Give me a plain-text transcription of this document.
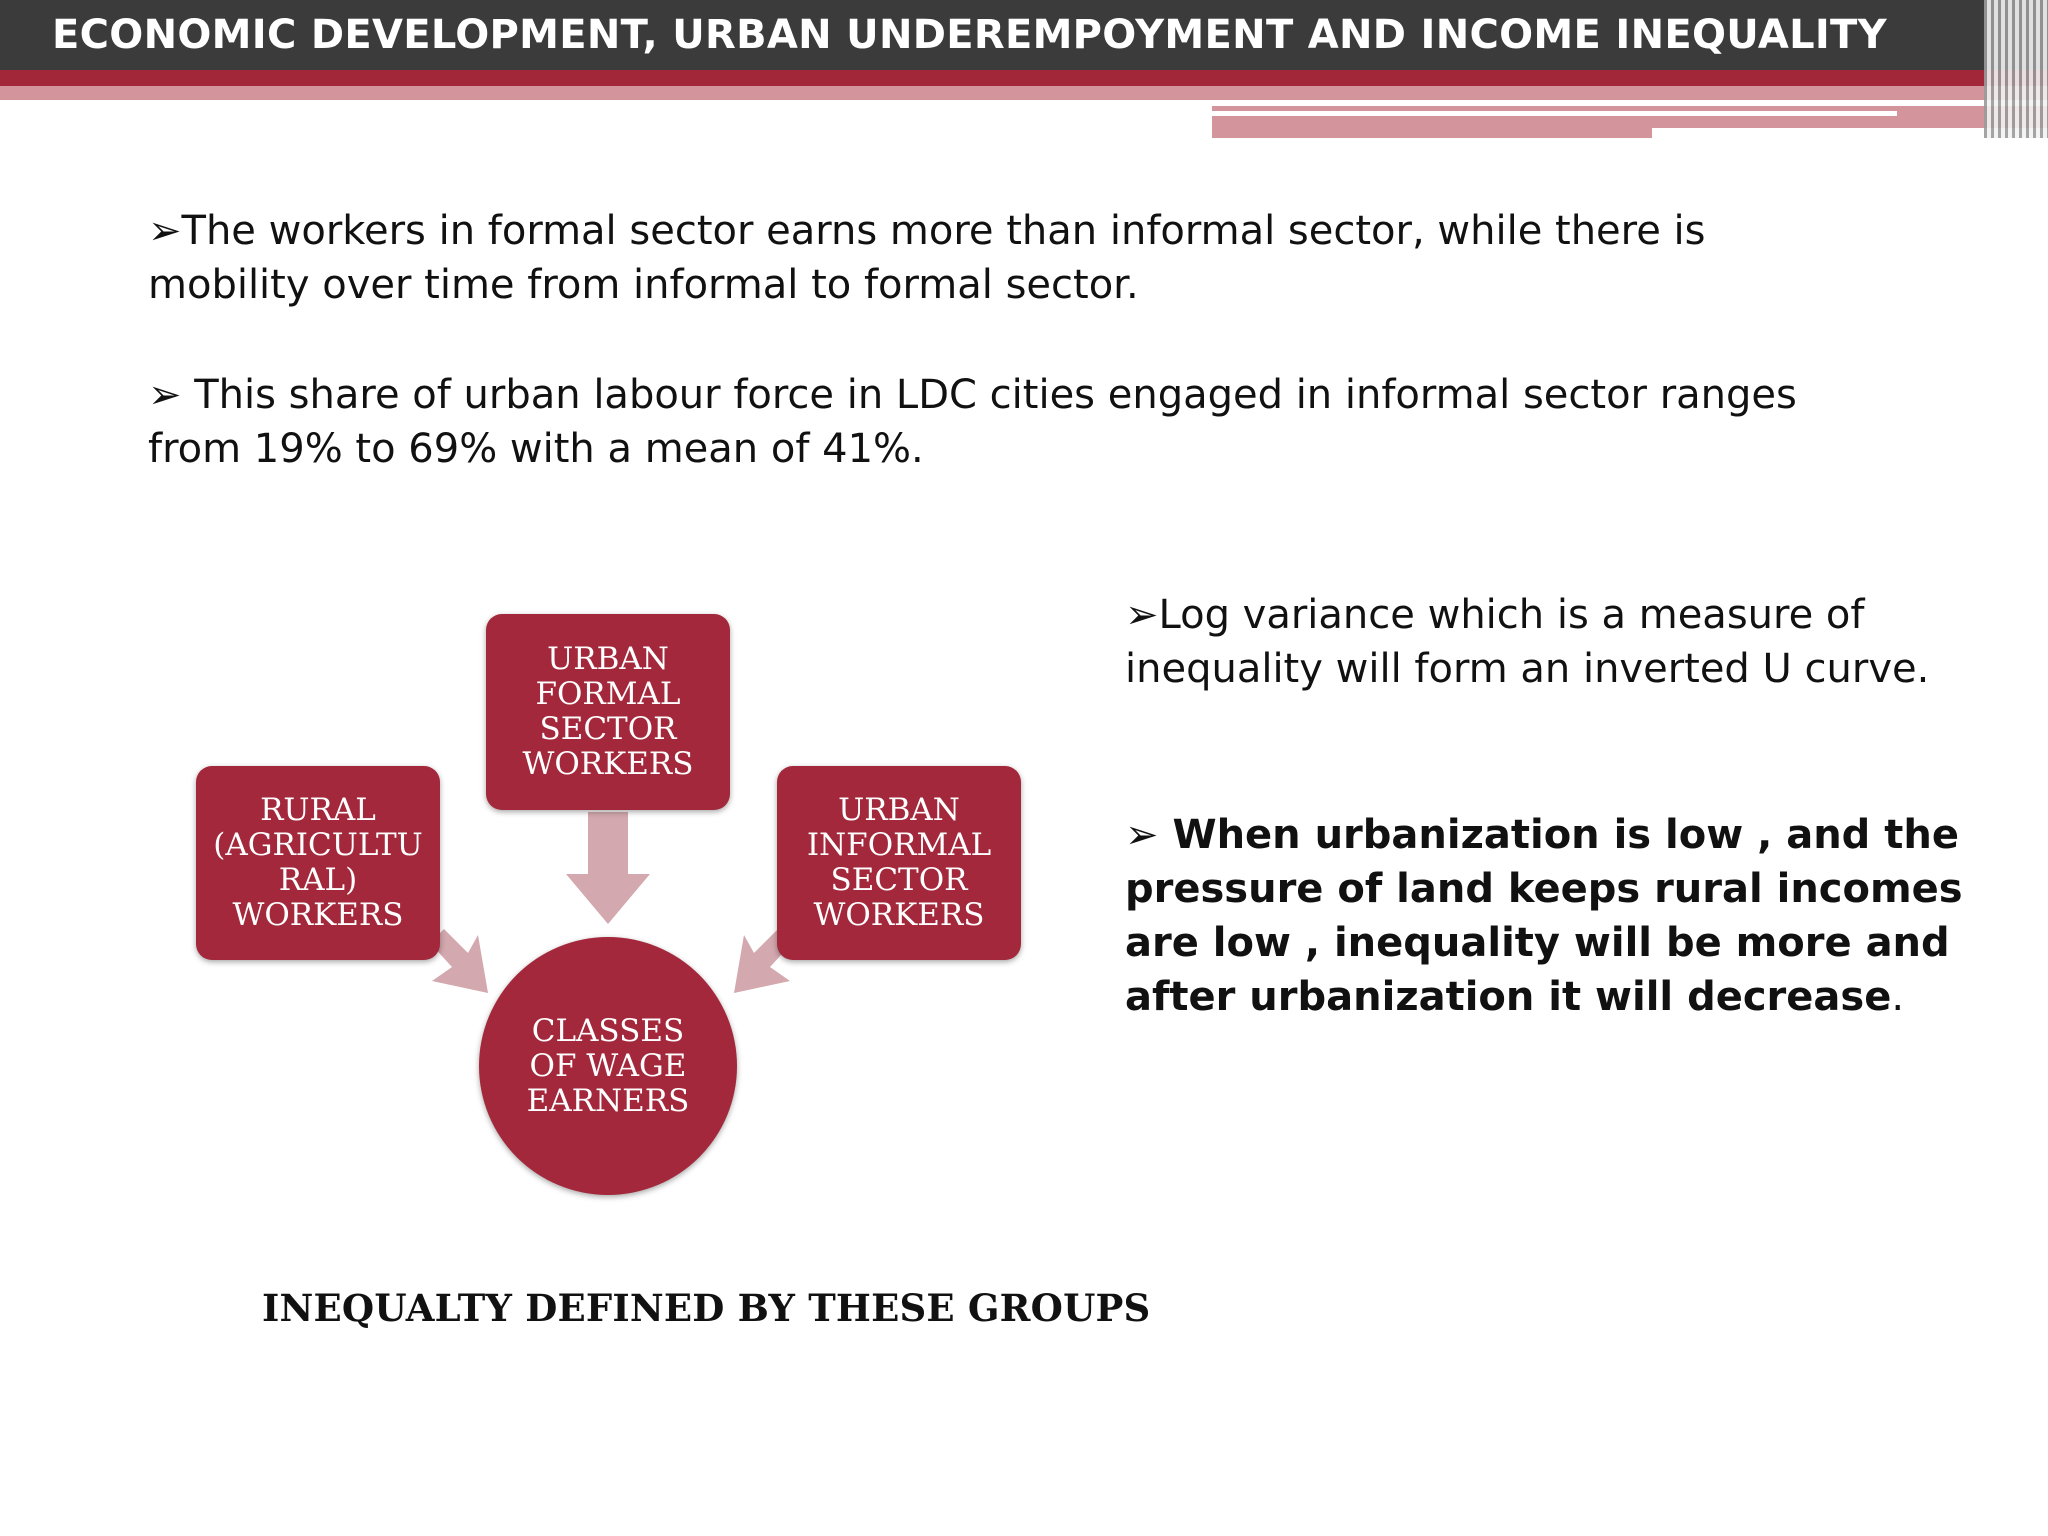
ECONOMIC DEVELOPMENT, URBAN UNDEREMPOYMENT AND INCOME INEQUALITY

➢The workers in formal sector earns more than informal sector, while there is mobility over time from informal to formal sector.

➢ This share of urban labour force in LDC cities engaged in informal sector ranges from 19% to 69% with a mean of 41%.

➢Log variance which is a measure of inequality will form an inverted U curve.

➢ When urbanization is low , and the pressure of land keeps rural incomes are low , inequality will be more and after urbanization it will decrease.

URBAN
FORMAL
SECTOR
WORKERS
RURAL
(AGRICULTU
RAL)
WORKERS
URBAN
INFORMAL
SECTOR
WORKERS
CLASSES
OF WAGE
EARNERS

INEQUALTY DEFINED BY THESE GROUPS
